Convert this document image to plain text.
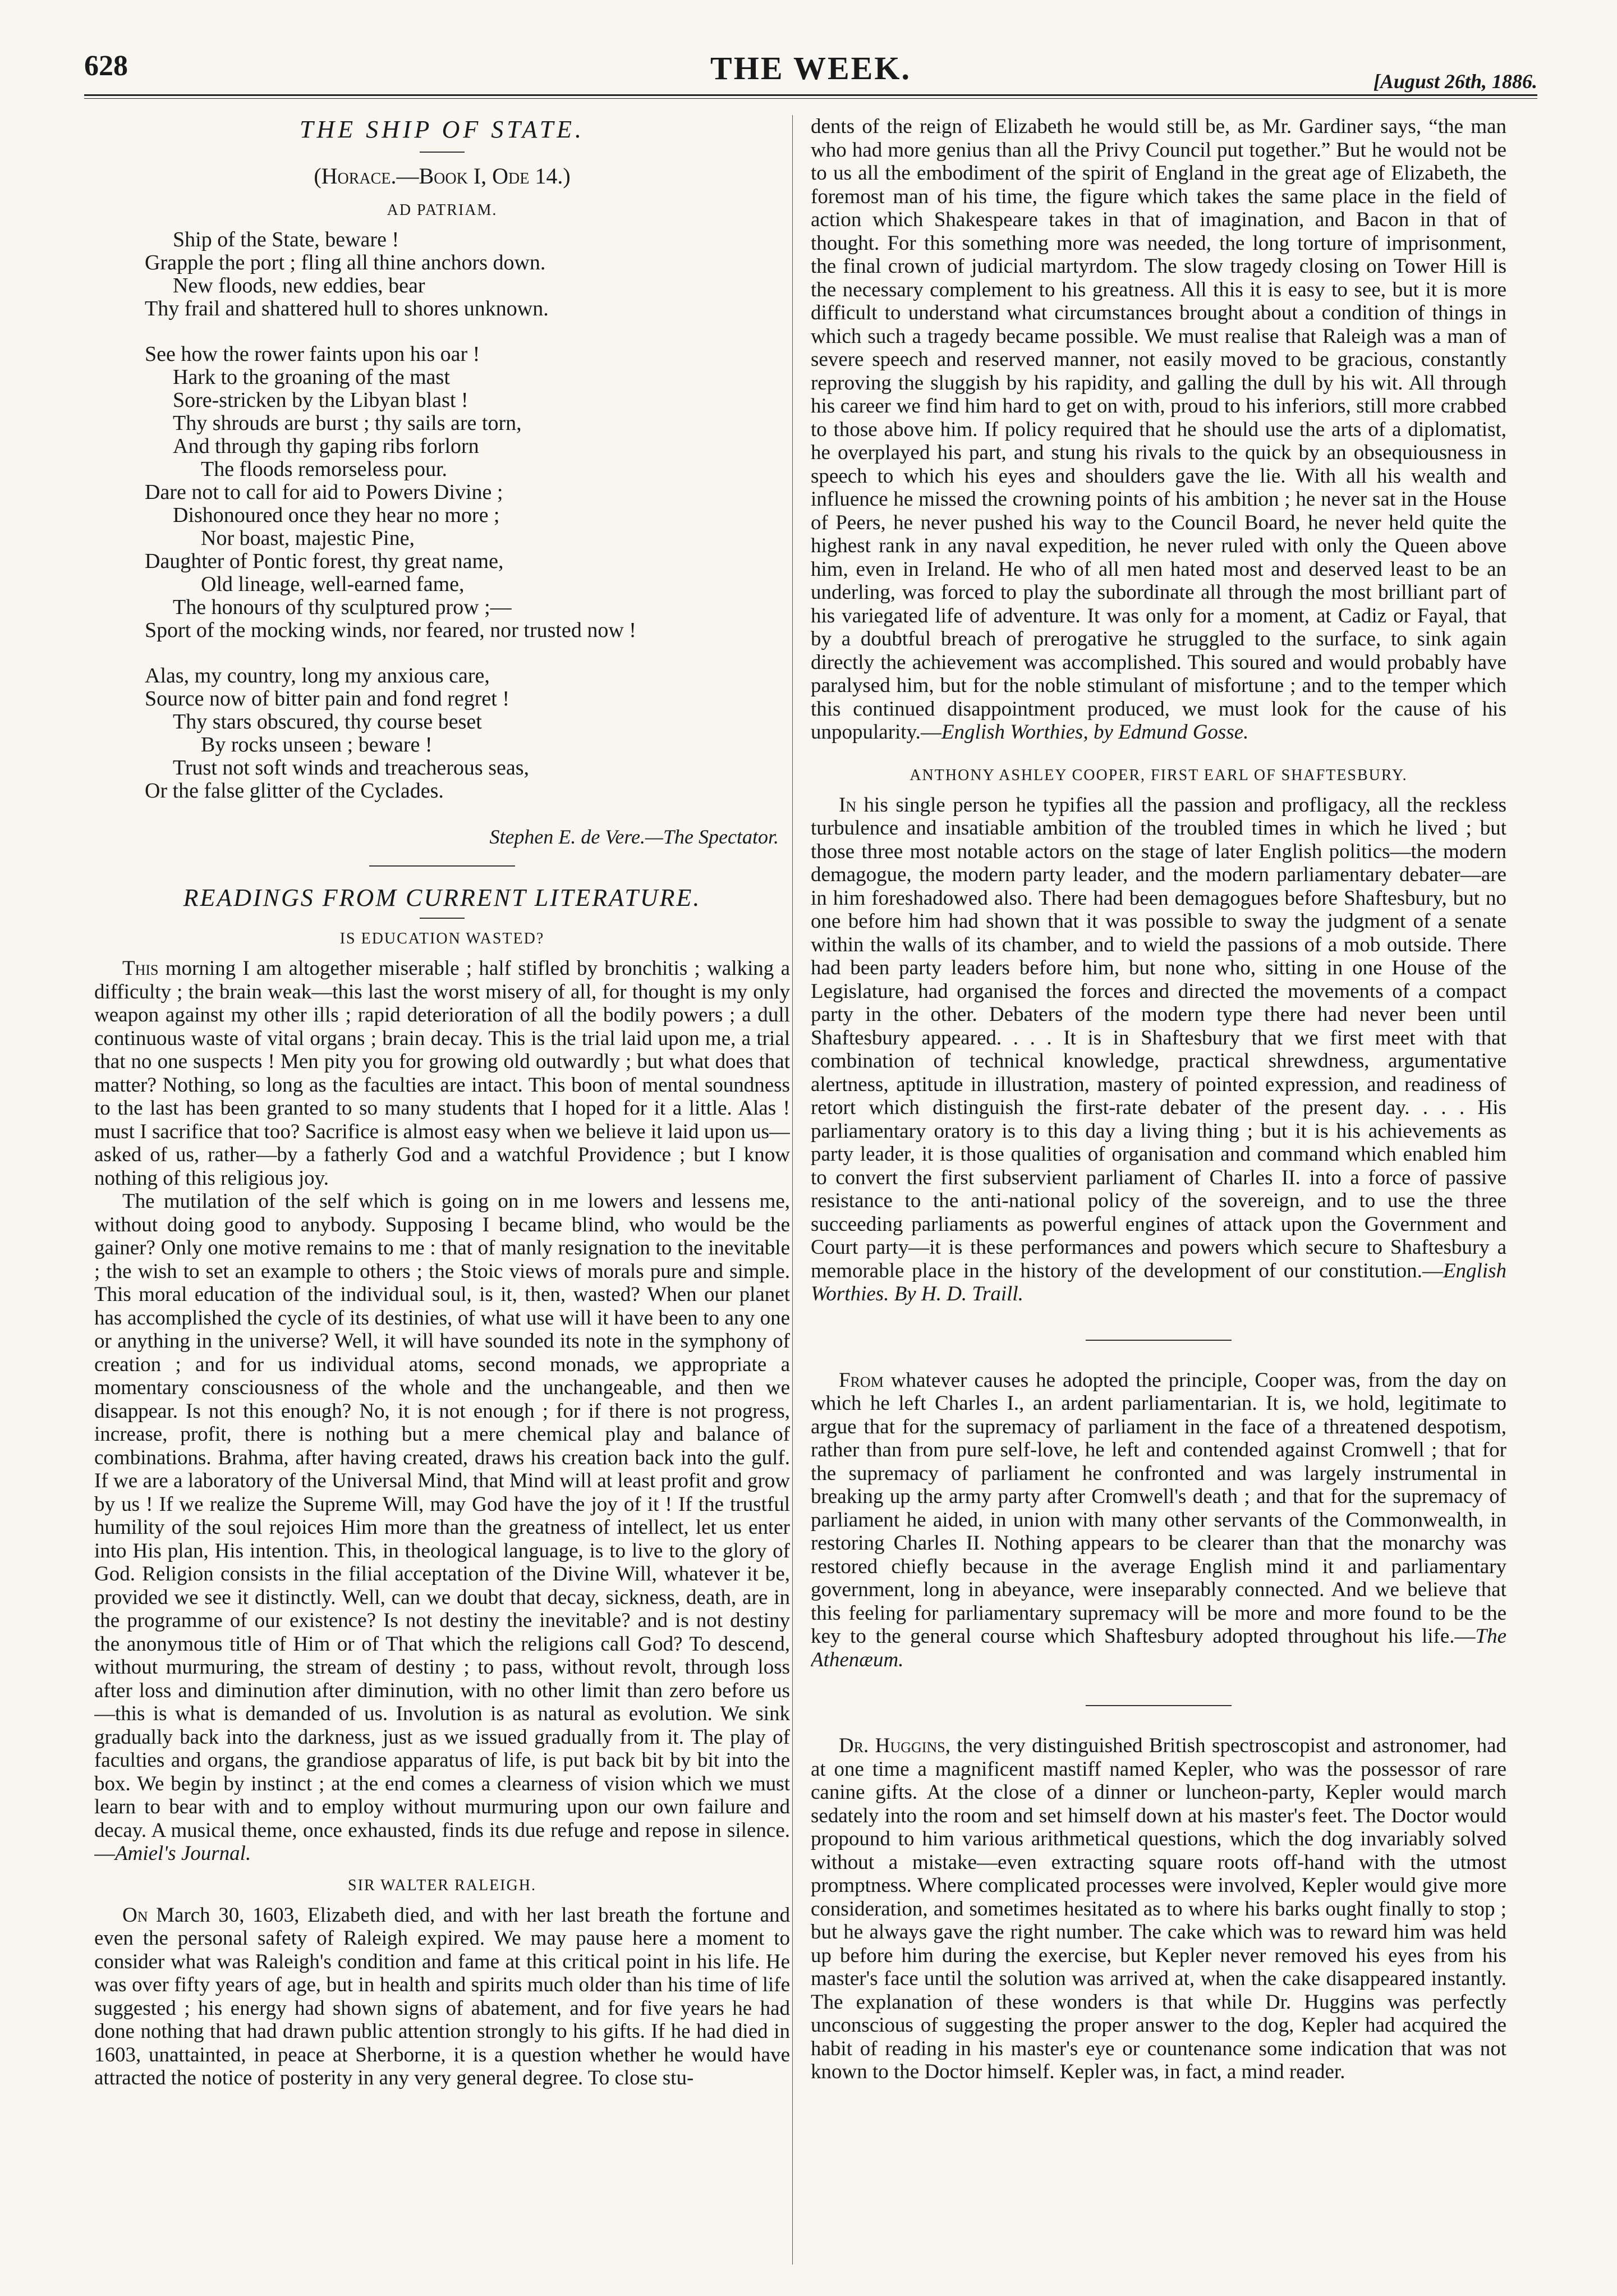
628	THE WEEK.	[August 26th, 1886.
THE SHIP OF STATE.
(Horace.—Book I, Ode 14.)
AD PATRIAM.
Ship of the State, beware !
Grapple the port ; fling all thine anchors down.
New floods, new eddies, bear
Thy frail and shattered hull to shores unknown.
See how the rower faints upon his oar !
Hark to the groaning of the mast
Sore-stricken by the Libyan blast !
Thy shrouds are burst ; thy sails are torn,
And through thy gaping ribs forlorn
The floods remorseless pour.
Dare not to call for aid to Powers Divine ;
Dishonoured once they hear no more ;
Nor boast, majestic Pine,
Daughter of Pontic forest, thy great name,
Old lineage, well-earned fame,
The honours of thy sculptured prow ;—
Sport of the mocking winds, nor feared, nor trusted now !
Alas, my country, long my anxious care,
Source now of bitter pain and fond regret !
Thy stars obscured, thy course beset
By rocks unseen ; beware !
Trust not soft winds and treacherous seas,
Or the false glitter of the Cyclades.
Stephen E. de Vere.—The Spectator.
READINGS FROM CURRENT LITERATURE.
IS EDUCATION WASTED?

This morning I am altogether miserable ; half stifled by bronchitis ; walking a difficulty ; the brain weak—this last the worst misery of all, for thought is my only weapon against my other ills ; rapid deterioration of all the bodily powers ; a dull continuous waste of vital organs ; brain decay. This is the trial laid upon me, a trial that no one suspects ! Men pity you for growing old outwardly ; but what does that matter? Nothing, so long as the faculties are intact. This boon of mental soundness to the last has been granted to so many students that I hoped for it a little. Alas ! must I sacrifice that too? Sacrifice is almost easy when we believe it laid upon us—asked of us, rather—by a fatherly God and a watchful Providence ; but I know nothing of this religious joy.

The mutilation of the self which is going on in me lowers and lessens me, without doing good to anybody. Supposing I became blind, who would be the gainer? Only one motive remains to me : that of manly resignation to the inevitable ; the wish to set an example to others ; the Stoic views of morals pure and simple. This moral education of the individual soul, is it, then, wasted? When our planet has accomplished the cycle of its destinies, of what use will it have been to any one or anything in the universe? Well, it will have sounded its note in the symphony of creation ; and for us individual atoms, second monads, we appropriate a momentary consciousness of the whole and the unchangeable, and then we disappear. Is not this enough? No, it is not enough ; for if there is not progress, increase, profit, there is nothing but a mere chemical play and balance of combinations. Brahma, after having created, draws his creation back into the gulf. If we are a laboratory of the Universal Mind, that Mind will at least profit and grow by us ! If we realize the Supreme Will, may God have the joy of it ! If the trustful humility of the soul rejoices Him more than the greatness of intellect, let us enter into His plan, His intention. This, in theological language, is to live to the glory of God. Religion consists in the filial acceptation of the Divine Will, whatever it be, provided we see it distinctly. Well, can we doubt that decay, sickness, death, are in the programme of our existence? Is not destiny the inevitable? and is not destiny the anonymous title of Him or of That which the religions call God? To descend, without murmuring, the stream of destiny ; to pass, without revolt, through loss after loss and diminution after diminution, with no other limit than zero before us—this is what is demanded of us. Involution is as natural as evolution. We sink gradually back into the darkness, just as we issued gradually from it. The play of faculties and organs, the grandiose apparatus of life, is put back bit by bit into the box. We begin by instinct ; at the end comes a clearness of vision which we must learn to bear with and to employ without murmuring upon our own failure and decay. A musical theme, once exhausted, finds its due refuge and repose in silence.—Amiel's Journal.

SIR WALTER RALEIGH.

On March 30, 1603, Elizabeth died, and with her last breath the fortune and even the personal safety of Raleigh expired. We may pause here a moment to consider what was Raleigh's condition and fame at this critical point in his life. He was over fifty years of age, but in health and spirits much older than his time of life suggested ; his energy had shown signs of abatement, and for five years he had done nothing that had drawn public attention strongly to his gifts. If he had died in 1603, unattainted, in peace at Sherborne, it is a question whether he would have attracted the notice of posterity in any very general degree. To close stu-

dents of the reign of Elizabeth he would still be, as Mr. Gardiner says, “the man who had more genius than all the Privy Council put together.” But he would not be to us all the embodiment of the spirit of England in the great age of Elizabeth, the foremost man of his time, the figure which takes the same place in the field of action which Shakespeare takes in that of imagination, and Bacon in that of thought. For this something more was needed, the long torture of imprisonment, the final crown of judicial martyrdom. The slow tragedy closing on Tower Hill is the necessary complement to his greatness. All this it is easy to see, but it is more difficult to understand what circumstances brought about a condition of things in which such a tragedy became possible. We must realise that Raleigh was a man of severe speech and reserved manner, not easily moved to be gracious, constantly reproving the sluggish by his rapidity, and galling the dull by his wit. All through his career we find him hard to get on with, proud to his inferiors, still more crabbed to those above him. If policy required that he should use the arts of a diplomatist, he overplayed his part, and stung his rivals to the quick by an obsequiousness in speech to which his eyes and shoulders gave the lie. With all his wealth and influence he missed the crowning points of his ambition ; he never sat in the House of Peers, he never pushed his way to the Council Board, he never held quite the highest rank in any naval expedition, he never ruled with only the Queen above him, even in Ireland. He who of all men hated most and deserved least to be an underling, was forced to play the subordinate all through the most brilliant part of his variegated life of adventure. It was only for a moment, at Cadiz or Fayal, that by a doubtful breach of prerogative he struggled to the surface, to sink again directly the achievement was accomplished. This soured and would probably have paralysed him, but for the noble stimulant of misfortune ; and to the temper which this continued disappointment produced, we must look for the cause of his unpopularity.—English Worthies, by Edmund Gosse.

ANTHONY ASHLEY COOPER, FIRST EARL OF SHAFTESBURY.

In his single person he typifies all the passion and profligacy, all the reckless turbulence and insatiable ambition of the troubled times in which he lived ; but those three most notable actors on the stage of later English politics—the modern demagogue, the modern party leader, and the modern parliamentary debater—are in him foreshadowed also. There had been demagogues before Shaftesbury, but no one before him had shown that it was possible to sway the judgment of a senate within the walls of its chamber, and to wield the passions of a mob outside. There had been party leaders before him, but none who, sitting in one House of the Legislature, had organised the forces and directed the movements of a compact party in the other. Debaters of the modern type there had never been until Shaftesbury appeared. . . . It is in Shaftesbury that we first meet with that combination of technical knowledge, practical shrewdness, argumentative alertness, aptitude in illustration, mastery of pointed expression, and readiness of retort which distinguish the first-rate debater of the present day. . . . His parliamentary oratory is to this day a living thing ; but it is his achievements as party leader, it is those qualities of organisation and command which enabled him to convert the first subservient parliament of Charles II. into a force of passive resistance to the anti-national policy of the sovereign, and to use the three succeeding parliaments as powerful engines of attack upon the Government and Court party—it is these performances and powers which secure to Shaftesbury a memorable place in the history of the development of our constitution.—English Worthies. By H. D. Traill.

From whatever causes he adopted the principle, Cooper was, from the day on which he left Charles I., an ardent parliamentarian. It is, we hold, legitimate to argue that for the supremacy of parliament in the face of a threatened despotism, rather than from pure self-love, he left and contended against Cromwell ; that for the supremacy of parliament he confronted and was largely instrumental in breaking up the army party after Cromwell's death ; and that for the supremacy of parliament he aided, in union with many other servants of the Commonwealth, in restoring Charles II. Nothing appears to be clearer than that the monarchy was restored chiefly because in the average English mind it and parliamentary government, long in abeyance, were inseparably connected. And we believe that this feeling for parliamentary supremacy will be more and more found to be the key to the general course which Shaftesbury adopted throughout his life.—The Athenæum.

Dr. Huggins, the very distinguished British spectroscopist and astronomer, had at one time a magnificent mastiff named Kepler, who was the possessor of rare canine gifts. At the close of a dinner or luncheon-party, Kepler would march sedately into the room and set himself down at his master's feet. The Doctor would propound to him various arithmetical questions, which the dog invariably solved without a mistake—even extracting square roots off-hand with the utmost promptness. Where complicated processes were involved, Kepler would give more consideration, and sometimes hesitated as to where his barks ought finally to stop ; but he always gave the right number. The cake which was to reward him was held up before him during the exercise, but Kepler never removed his eyes from his master's face until the solution was arrived at, when the cake disappeared instantly. The explanation of these wonders is that while Dr. Huggins was perfectly unconscious of suggesting the proper answer to the dog, Kepler had acquired the habit of reading in his master's eye or countenance some indication that was not known to the Doctor himself. Kepler was, in fact, a mind reader.
